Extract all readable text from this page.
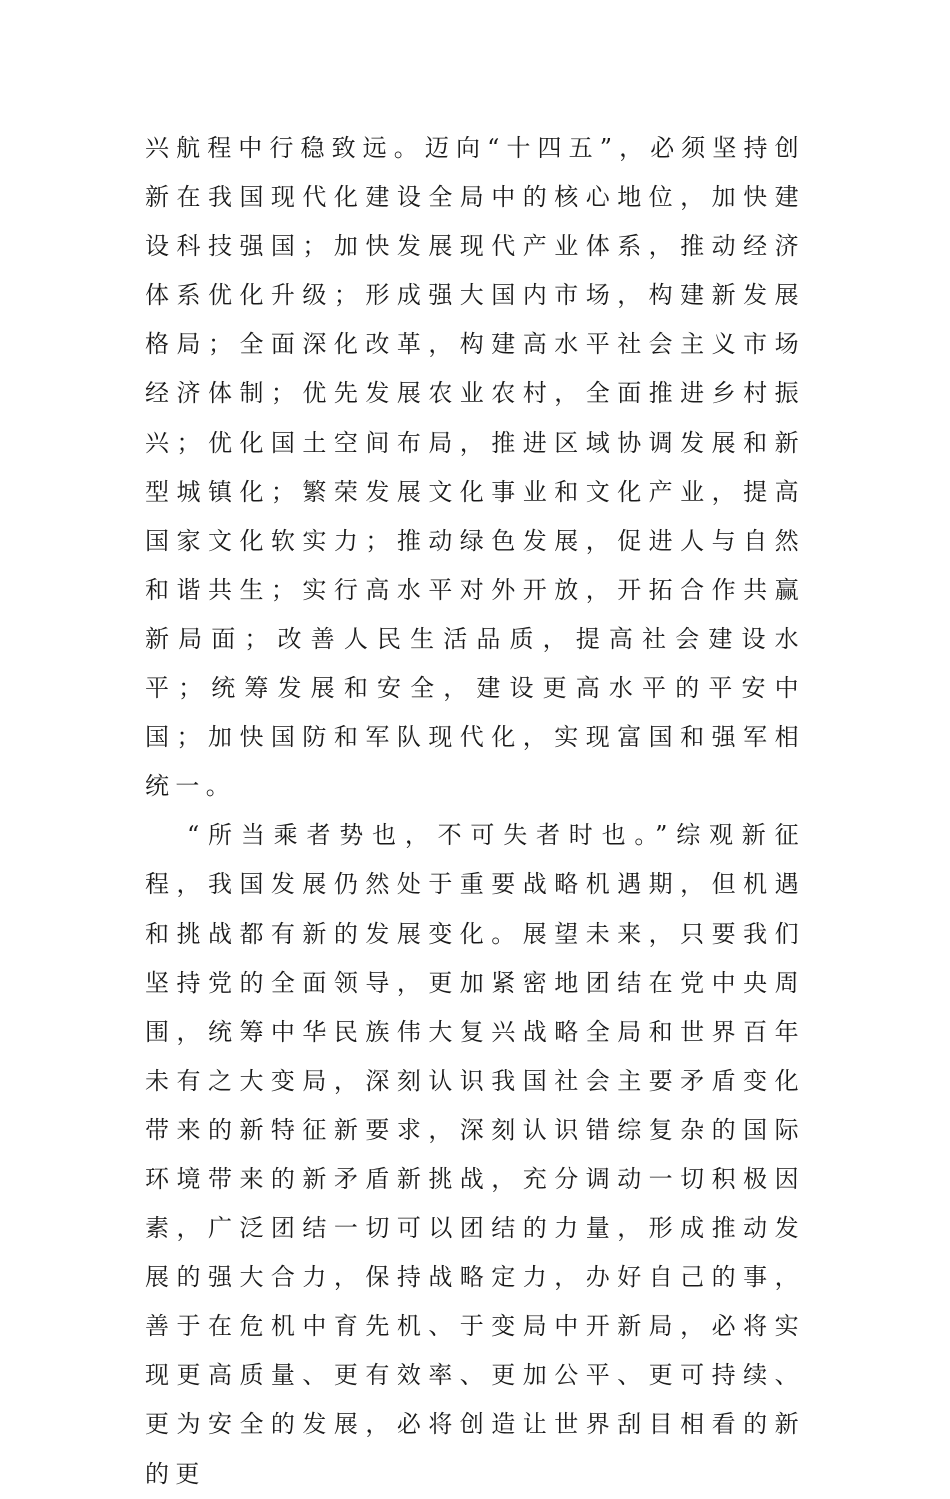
兴航程中行稳致远。迈向“十四五”，必须坚持创新在我国现代化建设全局中的核心地位，加快建设科技强国；加快发展现代产业体系，推动经济体系优化升级；形成强大国内市场，构建新发展格局；全面深化改革，构建高水平社会主义市场经济体制；优先发展农业农村，全面推进乡村振兴；优化国土空间布局，推进区域协调发展和新型城镇化；繁荣发展文化事业和文化产业，提高国家文化软实力；推动绿色发展，促进人与自然和谐共生；实行高水平对外开放，开拓合作共赢新局面；改善人民生活品质，提高社会建设水平；统筹发展和安全，建设更高水平的平安中国；加快国防和军队现代化，实现富国和强军相统一。

“所当乘者势也，不可失者时也。”综观新征程，我国发展仍然处于重要战略机遇期，但机遇和挑战都有新的发展变化。展望未来，只要我们坚持党的全面领导，更加紧密地团结在党中央周围，统筹中华民族伟大复兴战略全局和世界百年未有之大变局，深刻认识我国社会主要矛盾变化带来的新特征新要求，深刻认识错综复杂的国际环境带来的新矛盾新挑战，充分调动一切积极因素，广泛团结一切可以团结的力量，形成推动发展的强大合力，保持战略定力，办好自己的事，善于在危机中育先机、于变局中开新局，必将实现更高质量、更有效率、更加公平、更可持续、更为安全的发展，必将创造让世界刮目相看的新的更
